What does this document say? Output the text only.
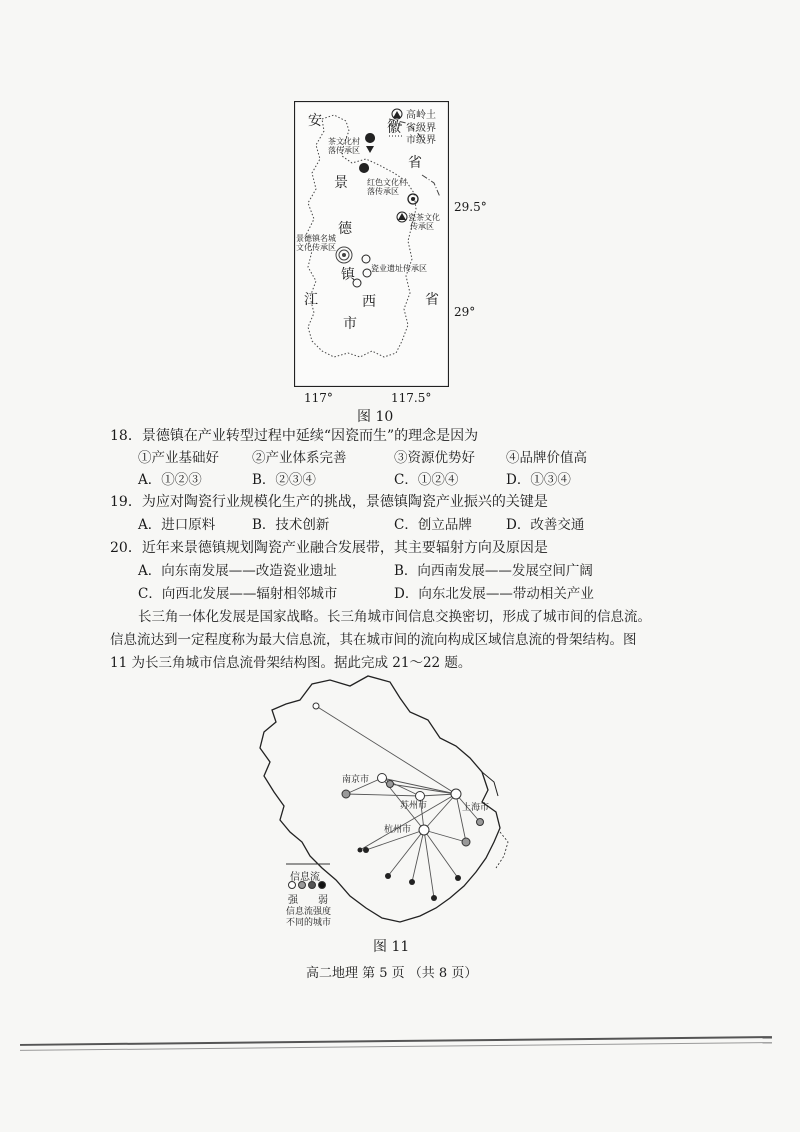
高岭土
省级界
市级界
安	徽
省
景
德
镇
市
江	西	省
茶文化村
落传承区
红色文化村
落传承区
瓷茶文化
传承区
景德镇名城
文化传承区
瓷业遗址传承区
29.5°
29°
117°	117.5°
图 10
18．景德镇在产业转型过程中延续“因瓷而生”的理念是因为
①产业基础好 ②产业体系完善	③资源优势好 ④品牌价值高
A．①②③	B．②③④	C．①②④	D．①③④
19．为应对陶瓷行业规模化生产的挑战，景德镇陶瓷产业振兴的关键是
A．进口原料	B．技术创新	C．创立品牌	D．改善交通
20．近年来景德镇规划陶瓷产业融合发展带，其主要辐射方向及原因是
A．向东南发展——改造瓷业遗址	B．向西南发展——发展空间广阔
C．向西北发展——辐射相邻城市	D．向东北发展——带动相关产业
长三角一体化发展是国家战略。长三角城市间信息交换密切，形成了城市间的信息流。
信息流达到一定程度称为最大信息流，其在城市间的流向构成区域信息流的骨架结构。图
11 为长三角城市信息流骨架结构图。据此完成 21～22 题。
南京市
苏州市	上海市
杭州市
信息流
强 弱
信息流强度
不同的城市
图 11
高二地理 第 5 页 （共 8 页）
